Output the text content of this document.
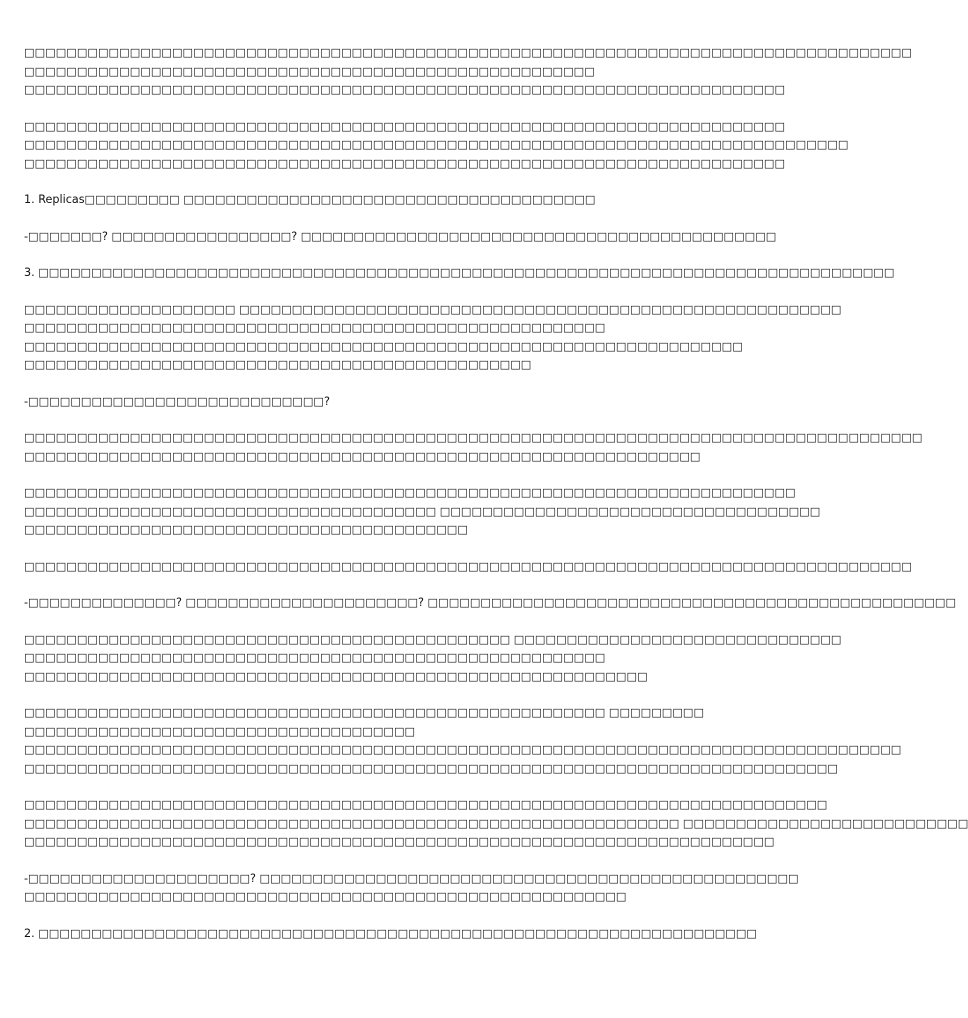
□□□□□□□□□□□□□□□□□□□□□□□□□□□□□□□□□□□□□□□□□□□□□□□□□□□□□□□□□□□□□□□□□□□□□□□□□□□□□□□□□□□□
□□□□□□□□□□□□□□□□□□□□□□□□□□□□□□□□□□□□□□□□□□□□□□□□□□□□□□
□□□□□□□□□□□□□□□□□□□□□□□□□□□□□□□□□□□□□□□□□□□□□□□□□□□□□□□□□□□□□□□□□□□□□□□□
□□□□□□□□□□□□□□□□□□□□□□□□□□□□□□□□□□□□□□□□□□□□□□□□□□□□□□□□□□□□□□□□□□□□□□□□
□□□□□□□□□□□□□□□□□□□□□□□□□□□□□□□□□□□□□□□□□□□□□□□□□□□□□□□□□□□□□□□□□□□□□□□□□□□□□□
□□□□□□□□□□□□□□□□□□□□□□□□□□□□□□□□□□□□□□□□□□□□□□□□□□□□□□□□□□□□□□□□□□□□□□□□
1. Replicas□□□□□□□□□ □□□□□□□□□□□□□□□□□□□□□□□□□□□□□□□□□□□□□□□
-□□□□□□□? □□□□□□□□□□□□□□□□□? □□□□□□□□□□□□□□□□□□□□□□□□□□□□□□□□□□□□□□□□□□□□□
3. □□□□□□□□□□□□□□□□□□□□□□□□□□□□□□□□□□□□□□□□□□□□□□□□□□□□□□□□□□□□□□□□□□□□□□□□□□□□□□□□□
□□□□□□□□□□□□□□□□□□□□ □□□□□□□□□□□□□□□□□□□□□□□□□□□□□□□□□□□□□□□□□□□□□□□□□□□□□□□□□
□□□□□□□□□□□□□□□□□□□□□□□□□□□□□□□□□□□□□□□□□□□□□□□□□□□□□□□
□□□□□□□□□□□□□□□□□□□□□□□□□□□□□□□□□□□□□□□□□□□□□□□□□□□□□□□□□□□□□□□□□□□□
□□□□□□□□□□□□□□□□□□□□□□□□□□□□□□□□□□□□□□□□□□□□□□□□
-□□□□□□□□□□□□□□□□□□□□□□□□□□□□?
□□□□□□□□□□□□□□□□□□□□□□□□□□□□□□□□□□□□□□□□□□□□□□□□□□□□□□□□□□□□□□□□□□□□□□□□□□□□□□□□□□□□□
□□□□□□□□□□□□□□□□□□□□□□□□□□□□□□□□□□□□□□□□□□□□□□□□□□□□□□□□□□□□□□□□
□□□□□□□□□□□□□□□□□□□□□□□□□□□□□□□□□□□□□□□□□□□□□□□□□□□□□□□□□□□□□□□□□□□□□□□□□
□□□□□□□□□□□□□□□□□□□□□□□□□□□□□□□□□□□□□□□ □□□□□□□□□□□□□□□□□□□□□□□□□□□□□□□□□□□□
□□□□□□□□□□□□□□□□□□□□□□□□□□□□□□□□□□□□□□□□□□
□□□□□□□□□□□□□□□□□□□□□□□□□□□□□□□□□□□□□□□□□□□□□□□□□□□□□□□□□□□□□□□□□□□□□□□□□□□□□□□□□□□□
-□□□□□□□□□□□□□□? □□□□□□□□□□□□□□□□□□□□□□? □□□□□□□□□□□□□□□□□□□□□□□□□□□□□□□□□□□□□□□□□□□□□□□□□□
□□□□□□□□□□□□□□□□□□□□□□□□□□□□□□□□□□□□□□□□□□□□□□ □□□□□□□□□□□□□□□□□□□□□□□□□□□□□□□
□□□□□□□□□□□□□□□□□□□□□□□□□□□□□□□□□□□□□□□□□□□□□□□□□□□□□□□
□□□□□□□□□□□□□□□□□□□□□□□□□□□□□□□□□□□□□□□□□□□□□□□□□□□□□□□□□□□
□□□□□□□□□□□□□□□□□□□□□□□□□□□□□□□□□□□□□□□□□□□□□□□□□□□□□□□ □□□□□□□□□
□□□□□□□□□□□□□□□□□□□□□□□□□□□□□□□□□□□□□
□□□□□□□□□□□□□□□□□□□□□□□□□□□□□□□□□□□□□□□□□□□□□□□□□□□□□□□□□□□□□□□□□□□□□□□□□□□□□□□□□□□
□□□□□□□□□□□□□□□□□□□□□□□□□□□□□□□□□□□□□□□□□□□□□□□□□□□□□□□□□□□□□□□□□□□□□□□□□□□□□
□□□□□□□□□□□□□□□□□□□□□□□□□□□□□□□□□□□□□□□□□□□□□□□□□□□□□□□□□□□□□□□□□□□□□□□□□□□□
□□□□□□□□□□□□□□□□□□□□□□□□□□□□□□□□□□□□□□□□□□□□□□□□□□□□□□□□□□□□□□ □□□□□□□□□□□□□□□□□□□□□□□□□□□
□□□□□□□□□□□□□□□□□□□□□□□□□□□□□□□□□□□□□□□□□□□□□□□□□□□□□□□□□□□□□□□□□□□□□□□
-□□□□□□□□□□□□□□□□□□□□□? □□□□□□□□□□□□□□□□□□□□□□□□□□□□□□□□□□□□□□□□□□□□□□□□□□□
□□□□□□□□□□□□□□□□□□□□□□□□□□□□□□□□□□□□□□□□□□□□□□□□□□□□□□□□□
2. □□□□□□□□□□□□□□□□□□□□□□□□□□□□□□□□□□□□□□□□□□□□□□□□□□□□□□□□□□□□□□□□□□□□
